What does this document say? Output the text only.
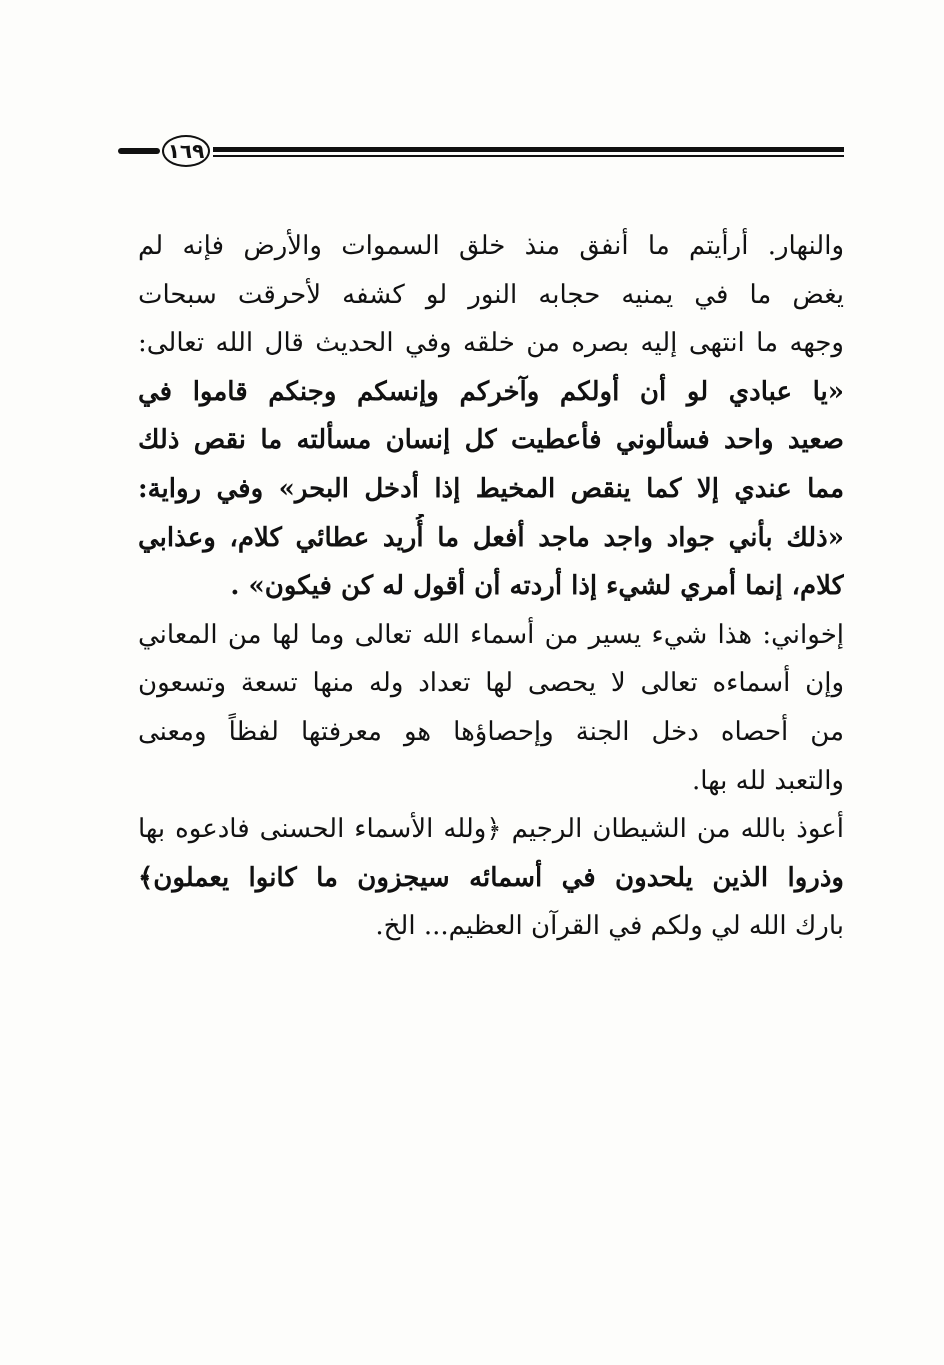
١٦٩
والنهار. أرأيتم ما أنفق منذ خلق السموات والأرض فإنه لم
يغض ما في يمنيه حجابه النور لو كشفه لأحرقت سبحات
وجهه ما انتهى إليه بصره من خلقه وفي الحديث قال الله تعالى:
«يا عبادي لو أن أولكم وآخركم وإنسكم وجنكم قاموا في
صعيد واحد فسألوني فأعطيت كل إنسان مسألته ما نقص ذلك
مما عندي إلا كما ينقص المخيط إذا أدخل البحر» وفي رواية:
«ذلك بأني جواد واجد ماجد أفعل ما أُريد عطائي كلام، وعذابي
كلام، إنما أمري لشيء إذا أردته أن أقول له كن فيكون» .
إخواني: هذا شيء يسير من أسماء الله تعالى وما لها من المعاني
وإن أسماءه تعالى لا يحصى لها تعداد وله منها تسعة وتسعون
من أحصاه دخل الجنة وإحصاؤها هو معرفتها لفظاً ومعنى
والتعبد لله بها.
أعوذ بالله من الشيطان الرجيم ﴿ولله الأسماء الحسنى فادعوه بها
وذروا الذين يلحدون في أسمائه سيجزون ما كانوا يعملون﴾
بارك الله لي ولكم في القرآن العظيم... الخ.
